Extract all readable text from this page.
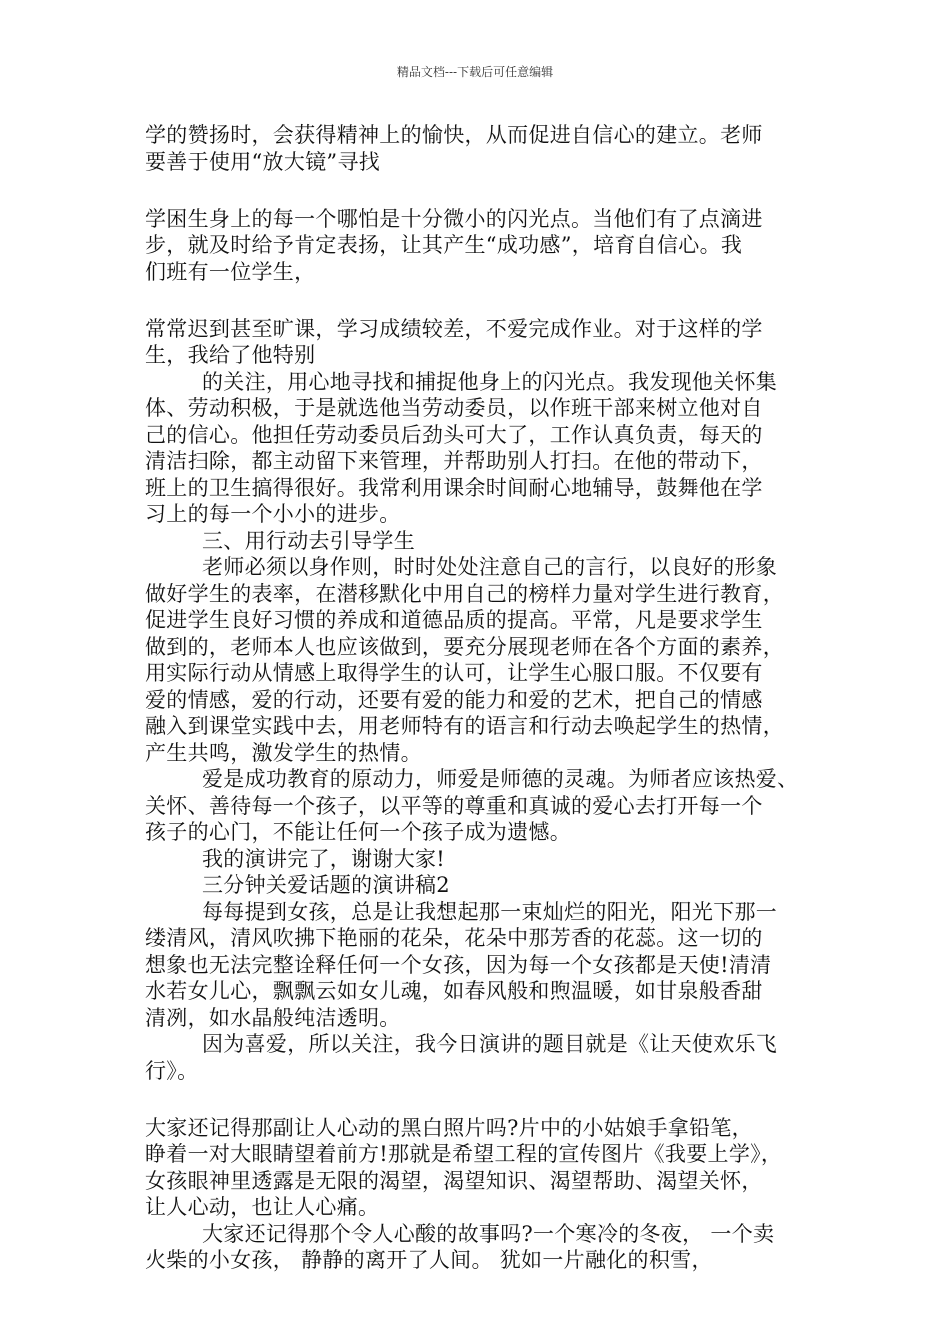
精品文档---下载后可任意编辑

学的赞扬时，会获得精神上的愉快，从而促进自信心的建立。老师

要善于使用“放大镜”寻找

学困生身上的每一个哪怕是十分微小的闪光点。当他们有了点滴进

步，就及时给予肯定表扬，让其产生“成功感”，培育自信心。我

们班有一位学生，

常常迟到甚至旷课，学习成绩较差，不爱完成作业。对于这样的学

生，我给了他特别

的关注，用心地寻找和捕捉他身上的闪光点。我发现他关怀集

体、劳动积极，于是就选他当劳动委员，以作班干部来树立他对自

己的信心。他担任劳动委员后劲头可大了，工作认真负责，每天的

清洁扫除，都主动留下来管理，并帮助别人打扫。在他的带动下，

班上的卫生搞得很好。我常利用课余时间耐心地辅导，鼓舞他在学

习上的每一个小小的进步。

三、用行动去引导学生

老师必须以身作则，时时处处注意自己的言行，以良好的形象

做好学生的表率，在潜移默化中用自己的榜样力量对学生进行教育，

促进学生良好习惯的养成和道德品质的提高。平常，凡是要求学生

做到的，老师本人也应该做到，要充分展现老师在各个方面的素养，

用实际行动从情感上取得学生的认可，让学生心服口服。不仅要有

爱的情感，爱的行动，还要有爱的能力和爱的艺术，把自己的情感

融入到课堂实践中去，用老师特有的语言和行动去唤起学生的热情，

产生共鸣，激发学生的热情。

爱是成功教育的原动力，师爱是师德的灵魂。为师者应该热爱、

关怀、善待每一个孩子，以平等的尊重和真诚的爱心去打开每一个

孩子的心门，不能让任何一个孩子成为遗憾。

我的演讲完了，谢谢大家!

三分钟关爱话题的演讲稿2

每每提到女孩，总是让我想起那一束灿烂的阳光，阳光下那一

缕清风，清风吹拂下艳丽的花朵，花朵中那芳香的花蕊。这一切的

想象也无法完整诠释任何一个女孩，因为每一个女孩都是天使!清清

水若女儿心，飘飘云如女儿魂，如春风般和煦温暖，如甘泉般香甜

清冽，如水晶般纯洁透明。

因为喜爱，所以关注，我今日演讲的题目就是《让天使欢乐飞

行》。

大家还记得那副让人心动的黑白照片吗?片中的小姑娘手拿铅笔，

睁着一对大眼睛望着前方!那就是希望工程的宣传图片《我要上学》，

女孩眼神里透露是无限的渴望，渴望知识、渴望帮助、渴望关怀，

让人心动，也让人心痛。

大家还记得那个令人心酸的故事吗?一个寒冷的冬夜， 一个卖

火柴的小女孩， 静静的离开了人间。 犹如一片融化的积雪，
